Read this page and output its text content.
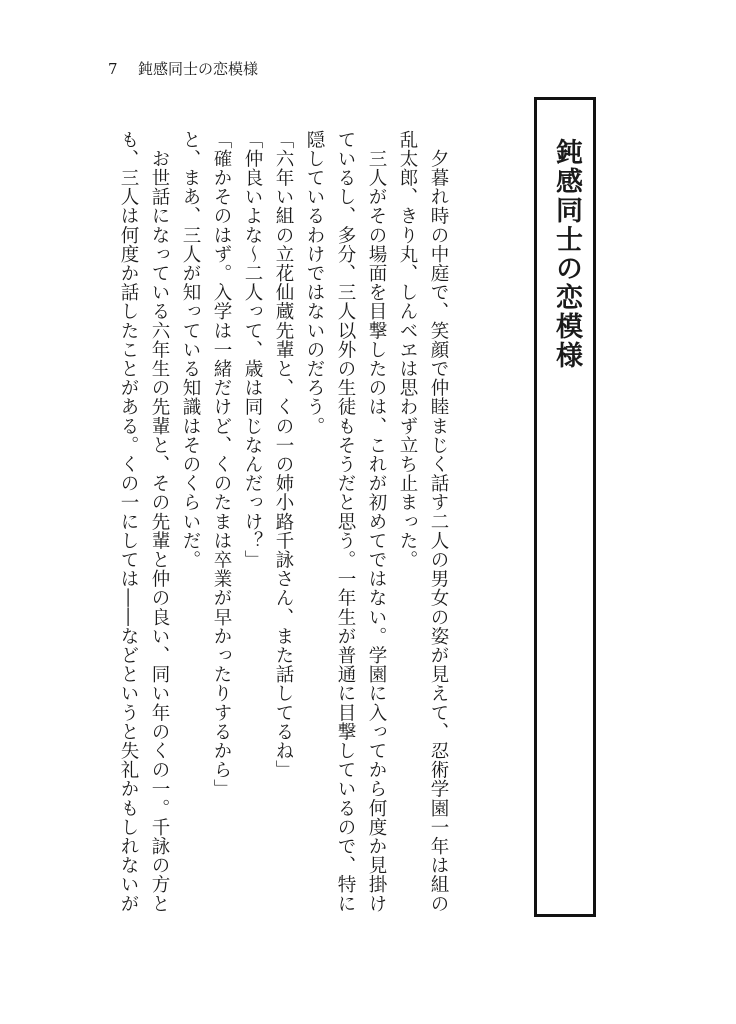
7 鈍感同士の恋模様
鈍感同士の恋模様

　夕暮れ時の中庭で、笑顔で仲睦まじく話す二人の男女の姿が見えて、忍術学園一年は組の乱太郎、きり丸、しんベヱは思わず立ち止まった。

　三人がその場面を目撃したのは、これが初めてではない。学園に入ってから何度か見掛けているし、多分、三人以外の生徒もそうだと思う。一年生が普通に目撃しているので、特に隠しているわけではないのだろう。

「六年い組の立花仙蔵先輩と、くの一の姉小路千詠さん、また話してるね」

「仲良いよな～二人って、歳は同じなんだっけ？」

「確かそのはず。入学は一緒だけど、くのたまは卒業が早かったりするから」

と、まあ、三人が知っている知識はそのくらいだ。

　お世話になっている六年生の先輩と、その先輩と仲の良い、同い年のくの一。千詠の方とも、三人は何度か話したことがある。くの一にしては――などというと失礼かもしれないが
